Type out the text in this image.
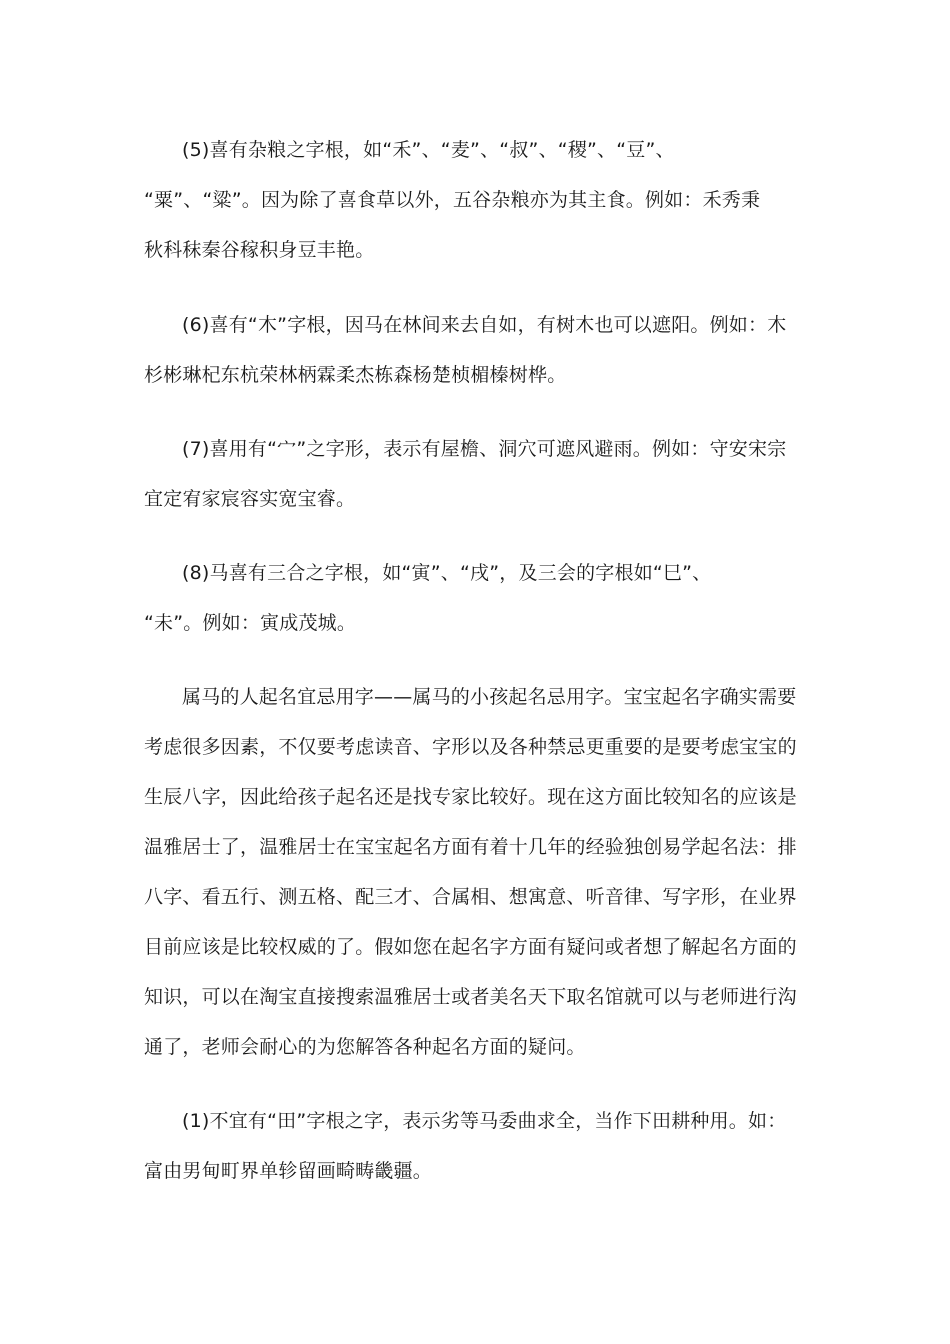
(5)喜有杂粮之字根，如“禾”、“麦”、“叔”、“稷”、“豆”、
“粟”、“粱”。因为除了喜食草以外，五谷杂粮亦为其主食。例如：禾秀秉
秋科秣秦谷稼积身豆丰艳。
(6)喜有“木”字根，因马在林间来去自如，有树木也可以遮阳。例如：木
杉彬琳杞东杭荣林柄霖柔杰栋森杨楚桢楣榛树桦。
(7)喜用有“宀”之字形，表示有屋檐、洞穴可遮风避雨。例如：守安宋宗
宜定宥家宸容实宽宝睿。
(8)马喜有三合之字根，如“寅”、“戌”，及三会的字根如“巳”、
“未”。例如：寅成茂城。
属马的人起名宜忌用字——属马的小孩起名忌用字。宝宝起名字确实需要
考虑很多因素，不仅要考虑读音、字形以及各种禁忌更重要的是要考虑宝宝的
生辰八字，因此给孩子起名还是找专家比较好。现在这方面比较知名的应该是
温雅居士了，温雅居士在宝宝起名方面有着十几年的经验独创易学起名法：排
八字、看五行、测五格、配三才、合属相、想寓意、听音律、写字形，在业界
目前应该是比较权威的了。假如您在起名字方面有疑问或者想了解起名方面的
知识，可以在淘宝直接搜索温雅居士或者美名天下取名馆就可以与老师进行沟
通了，老师会耐心的为您解答各种起名方面的疑问。
(1)不宜有“田”字根之字，表示劣等马委曲求全，当作下田耕种用。如：
富由男甸町界单轸留画畸畴畿疆。
